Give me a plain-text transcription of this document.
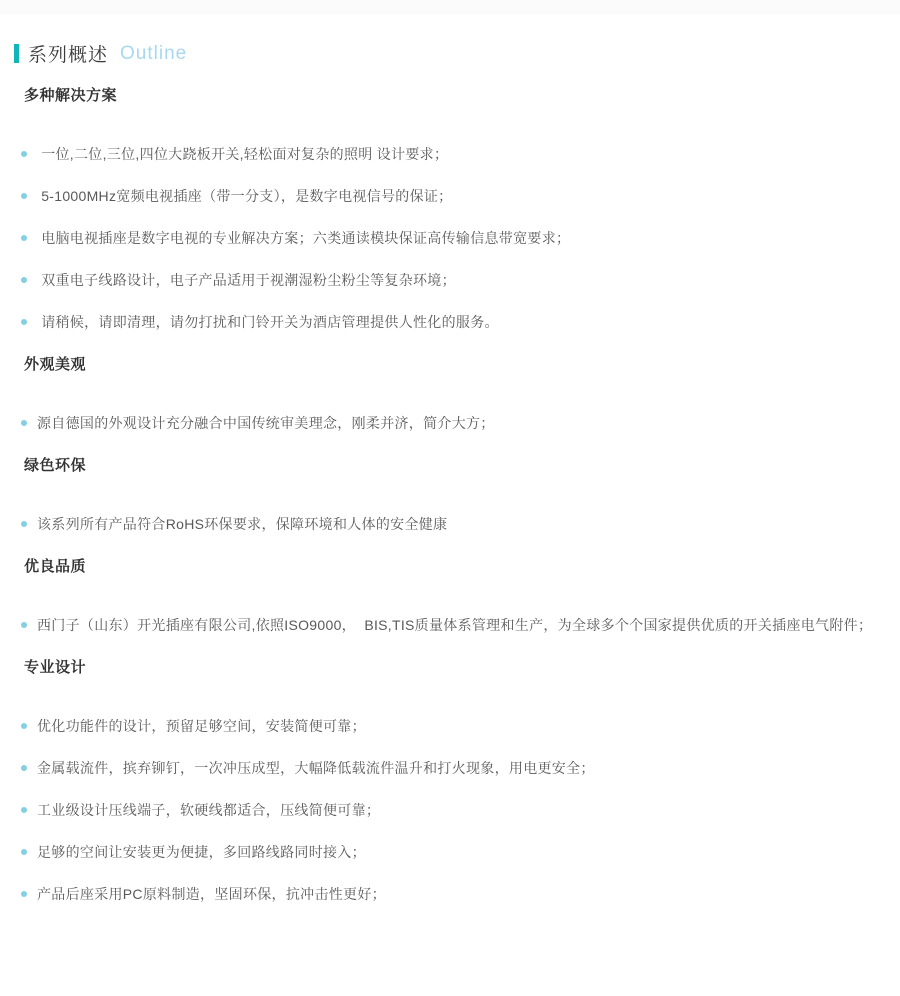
系列概述 Outline
多种解决方案
一位,二位,三位,四位大跷板开关,轻松面对复杂的照明 设计要求；
5-1000MHz宽频电视插座（带一分支），是数字电视信号的保证；
电脑电视插座是数字电视的专业解决方案；六类通读模块保证高传输信息带宽要求；
双重电子线路设计，电子产品适用于视潮湿粉尘粉尘等复杂环境；
请稍候，请即清理，请勿打扰和门铃开关为酒店管理提供人性化的服务。
外观美观
源自德国的外观设计充分融合中国传统审美理念，刚柔并济，简介大方；
绿色环保
该系列所有产品符合RoHS环保要求，保障环境和人体的安全健康
优良品质
西门子（山东）开光插座有限公司,依照ISO9000，  BIS,TIS质量体系管理和生产，为全球多个个国家提供优质的开关插座电气附件；
专业设计
优化功能件的设计，预留足够空间，安装简便可靠；
金属载流件，摈弃铆钉，一次冲压成型，大幅降低载流件温升和打火现象，用电更安全；
工业级设计压线端子，软硬线都适合，压线简便可靠；
足够的空间让安装更为便捷，多回路线路同时接入；
产品后座采用PC原料制造，坚固环保，抗冲击性更好；
